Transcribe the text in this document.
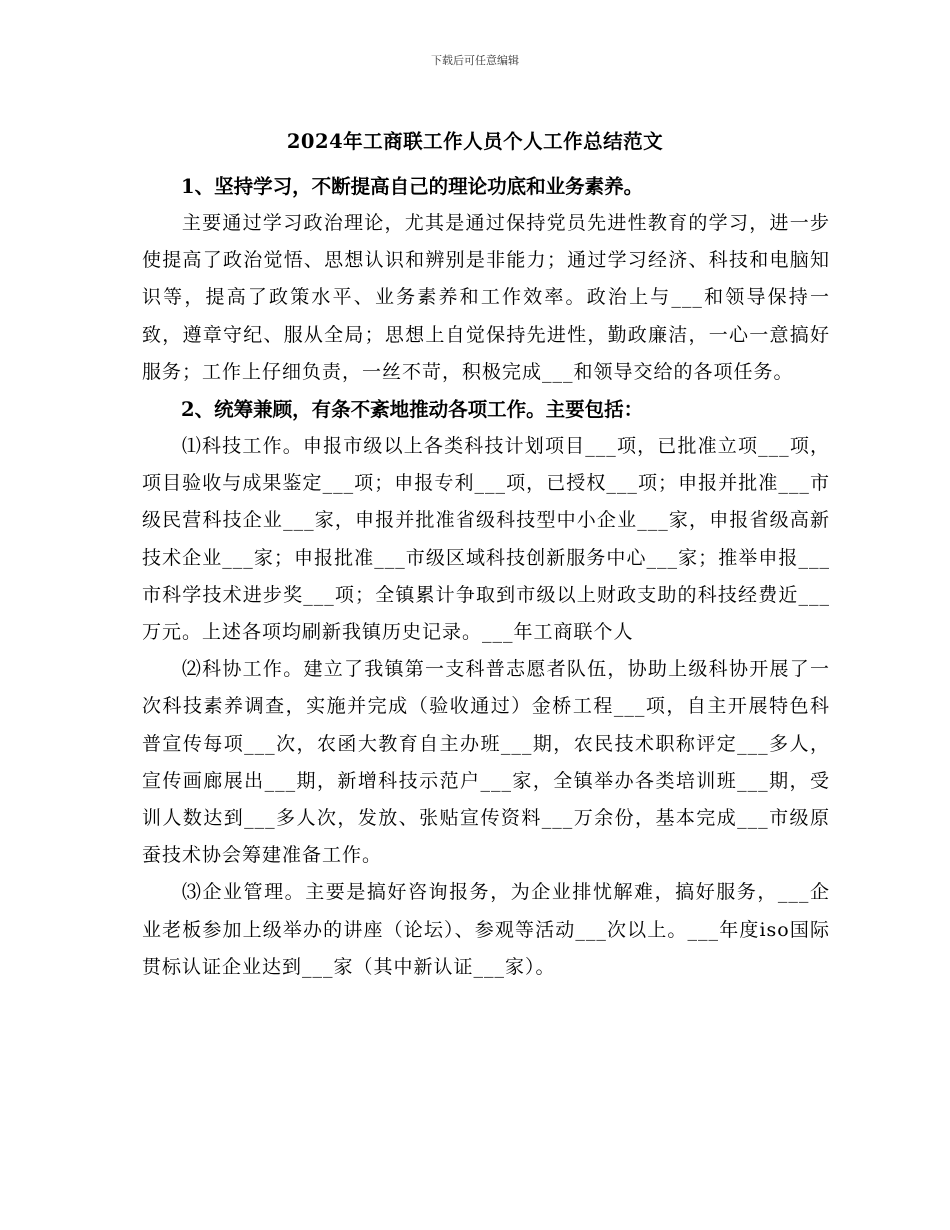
下载后可任意编辑
2024年工商联工作人员个人工作总结范文

1、坚持学习，不断提高自己的理论功底和业务素养。

主要通过学习政治理论，尤其是通过保持党员先进性教育的学习，进一步使提高了政治觉悟、思想认识和辨别是非能力；通过学习经济、科技和电脑知识等，提高了政策水平、业务素养和工作效率。政治上与___和领导保持一致，遵章守纪、服从全局；思想上自觉保持先进性，勤政廉洁，一心一意搞好服务；工作上仔细负责，一丝不苛，积极完成___和领导交给的各项任务。

2、统筹兼顾，有条不紊地推动各项工作。主要包括：

⑴科技工作。申报市级以上各类科技计划项目___项，已批准立项___项，项目验收与成果鉴定___项；申报专利___项，已授权___项；申报并批准___市级民营科技企业___家，申报并批准省级科技型中小企业___家，申报省级高新技术企业___家；申报批准___市级区域科技创新服务中心___家；推举申报___市科学技术进步奖___项；全镇累计争取到市级以上财政支助的科技经费近___万元。上述各项均刷新我镇历史记录。___年工商联个人

⑵科协工作。建立了我镇第一支科普志愿者队伍，协助上级科协开展了一次科技素养调查，实施并完成（验收通过）金桥工程___项，自主开展特色科普宣传每项___次，农函大教育自主办班___期，农民技术职称评定___多人，宣传画廊展出___期，新增科技示范户___家，全镇举办各类培训班___期，受训人数达到___多人次，发放、张贴宣传资料___万余份，基本完成___市级原蚕技术协会筹建准备工作。

⑶企业管理。主要是搞好咨询报务，为企业排忧解难，搞好服务，___企业老板参加上级举办的讲座（论坛）、参观等活动___次以上。___年度iso国际贯标认证企业达到___家（其中新认证___家）。
